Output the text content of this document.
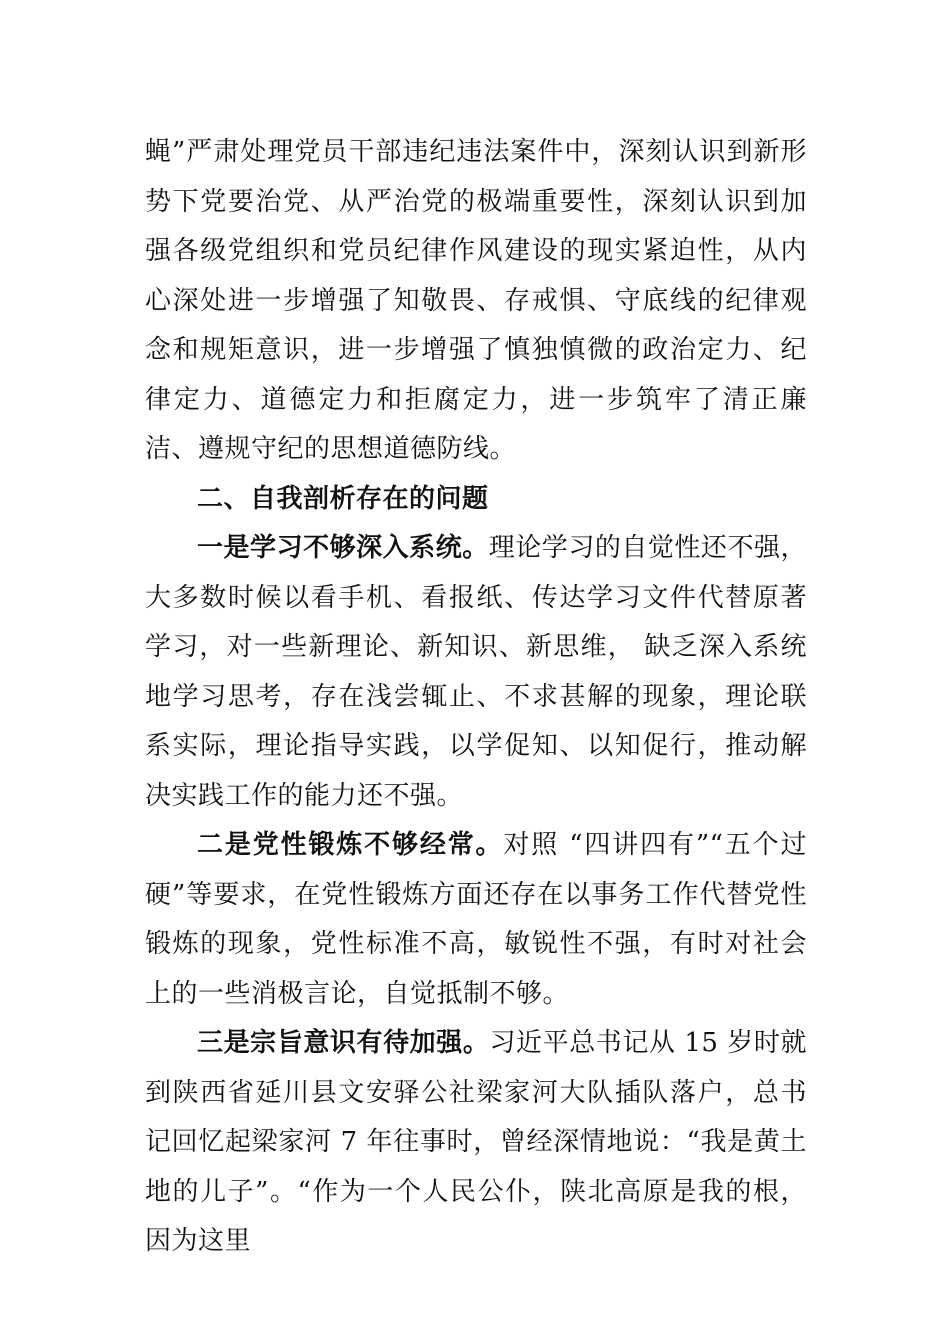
蝇”严肃处理党员干部违纪违法案件中，深刻认识到新形势下党要治党、从严治党的极端重要性，深刻认识到加强各级党组织和党员纪律作风建设的现实紧迫性，从内心深处进一步增强了知敬畏、存戒惧、守底线的纪律观念和规矩意识，进一步增强了慎独慎微的政治定力、纪律定力、道德定力和拒腐定力，进一步筑牢了清正廉洁、遵规守纪的思想道德防线。

二、自我剖析存在的问题

一是学习不够深入系统。理论学习的自觉性还不强，大多数时候以看手机、看报纸、传达学习文件代替原著学习，对一些新理论、新知识、新思维， 缺乏深入系统地学习思考，存在浅尝辄止、不求甚解的现象，理论联系实际，理论指导实践，以学促知、以知促行，推动解决实践工作的能力还不强。

二是党性锻炼不够经常。对照 “四讲四有”“五个过硬”等要求，在党性锻炼方面还存在以事务工作代替党性锻炼的现象，党性标准不高，敏锐性不强，有时对社会上的一些消极言论，自觉抵制不够。

三是宗旨意识有待加强。习近平总书记从 15 岁时就到陕西省延川县文安驿公社梁家河大队插队落户，总书记回忆起梁家河 7 年往事时，曾经深情地说：“我是黄土地的儿子”。“作为一个人民公仆，陕北高原是我的根，因为这里
